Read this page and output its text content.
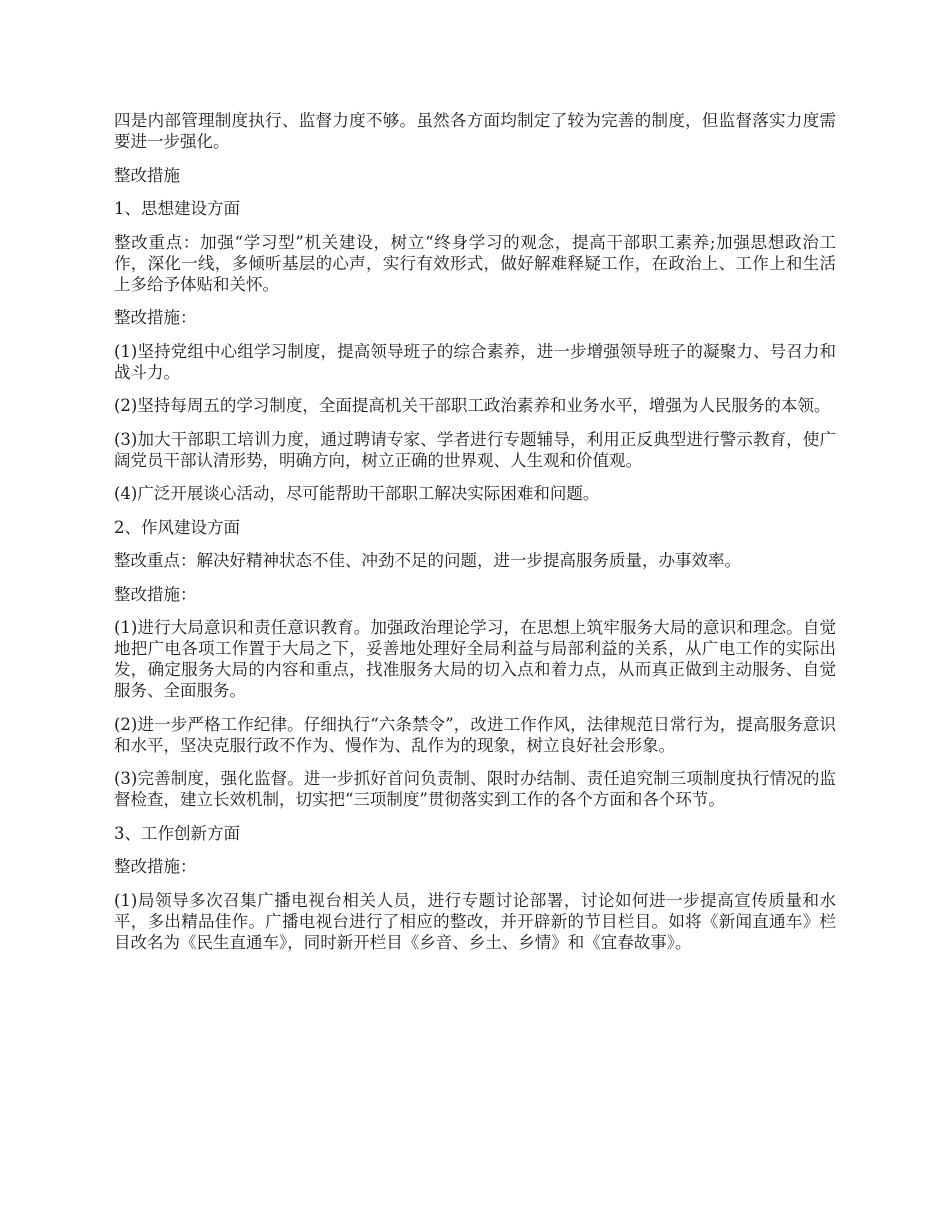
四是内部管理制度执行、监督力度不够。虽然各方面均制定了较为完善的制度，但监督落实力度需要进一步强化。

整改措施

1、思想建设方面

整改重点：加强“学习型”机关建设，树立“终身学习的观念，提高干部职工素养;加强思想政治工作，深化一线，多倾听基层的心声，实行有效形式，做好解难释疑工作，在政治上、工作上和生活上多给予体贴和关怀。

整改措施：

(1)坚持党组中心组学习制度，提高领导班子的综合素养，进一步增强领导班子的凝聚力、号召力和战斗力。

(2)坚持每周五的学习制度，全面提高机关干部职工政治素养和业务水平，增强为人民服务的本领。

(3)加大干部职工培训力度，通过聘请专家、学者进行专题辅导，利用正反典型进行警示教育，使广阔党员干部认清形势，明确方向，树立正确的世界观、人生观和价值观。

(4)广泛开展谈心活动，尽可能帮助干部职工解决实际困难和问题。

2、作风建设方面

整改重点：解决好精神状态不佳、冲劲不足的问题，进一步提高服务质量，办事效率。

整改措施：

(1)进行大局意识和责任意识教育。加强政治理论学习，在思想上筑牢服务大局的意识和理念。自觉地把广电各项工作置于大局之下，妥善地处理好全局利益与局部利益的关系，从广电工作的实际出发，确定服务大局的内容和重点，找准服务大局的切入点和着力点，从而真正做到主动服务、自觉服务、全面服务。

(2)进一步严格工作纪律。仔细执行“六条禁令”，改进工作作风，法律规范日常行为，提高服务意识和水平，坚决克服行政不作为、慢作为、乱作为的现象，树立良好社会形象。

(3)完善制度，强化监督。进一步抓好首问负责制、限时办结制、责任追究制三项制度执行情况的监督检查，建立长效机制，切实把“三项制度”贯彻落实到工作的各个方面和各个环节。

3、工作创新方面

整改措施：

(1)局领导多次召集广播电视台相关人员，进行专题讨论部署，讨论如何进一步提高宣传质量和水平，多出精品佳作。广播电视台进行了相应的整改，并开辟新的节目栏目。如将《新闻直通车》栏目改名为《民生直通车》，同时新开栏目《乡音、乡土、乡情》和《宜春故事》。
